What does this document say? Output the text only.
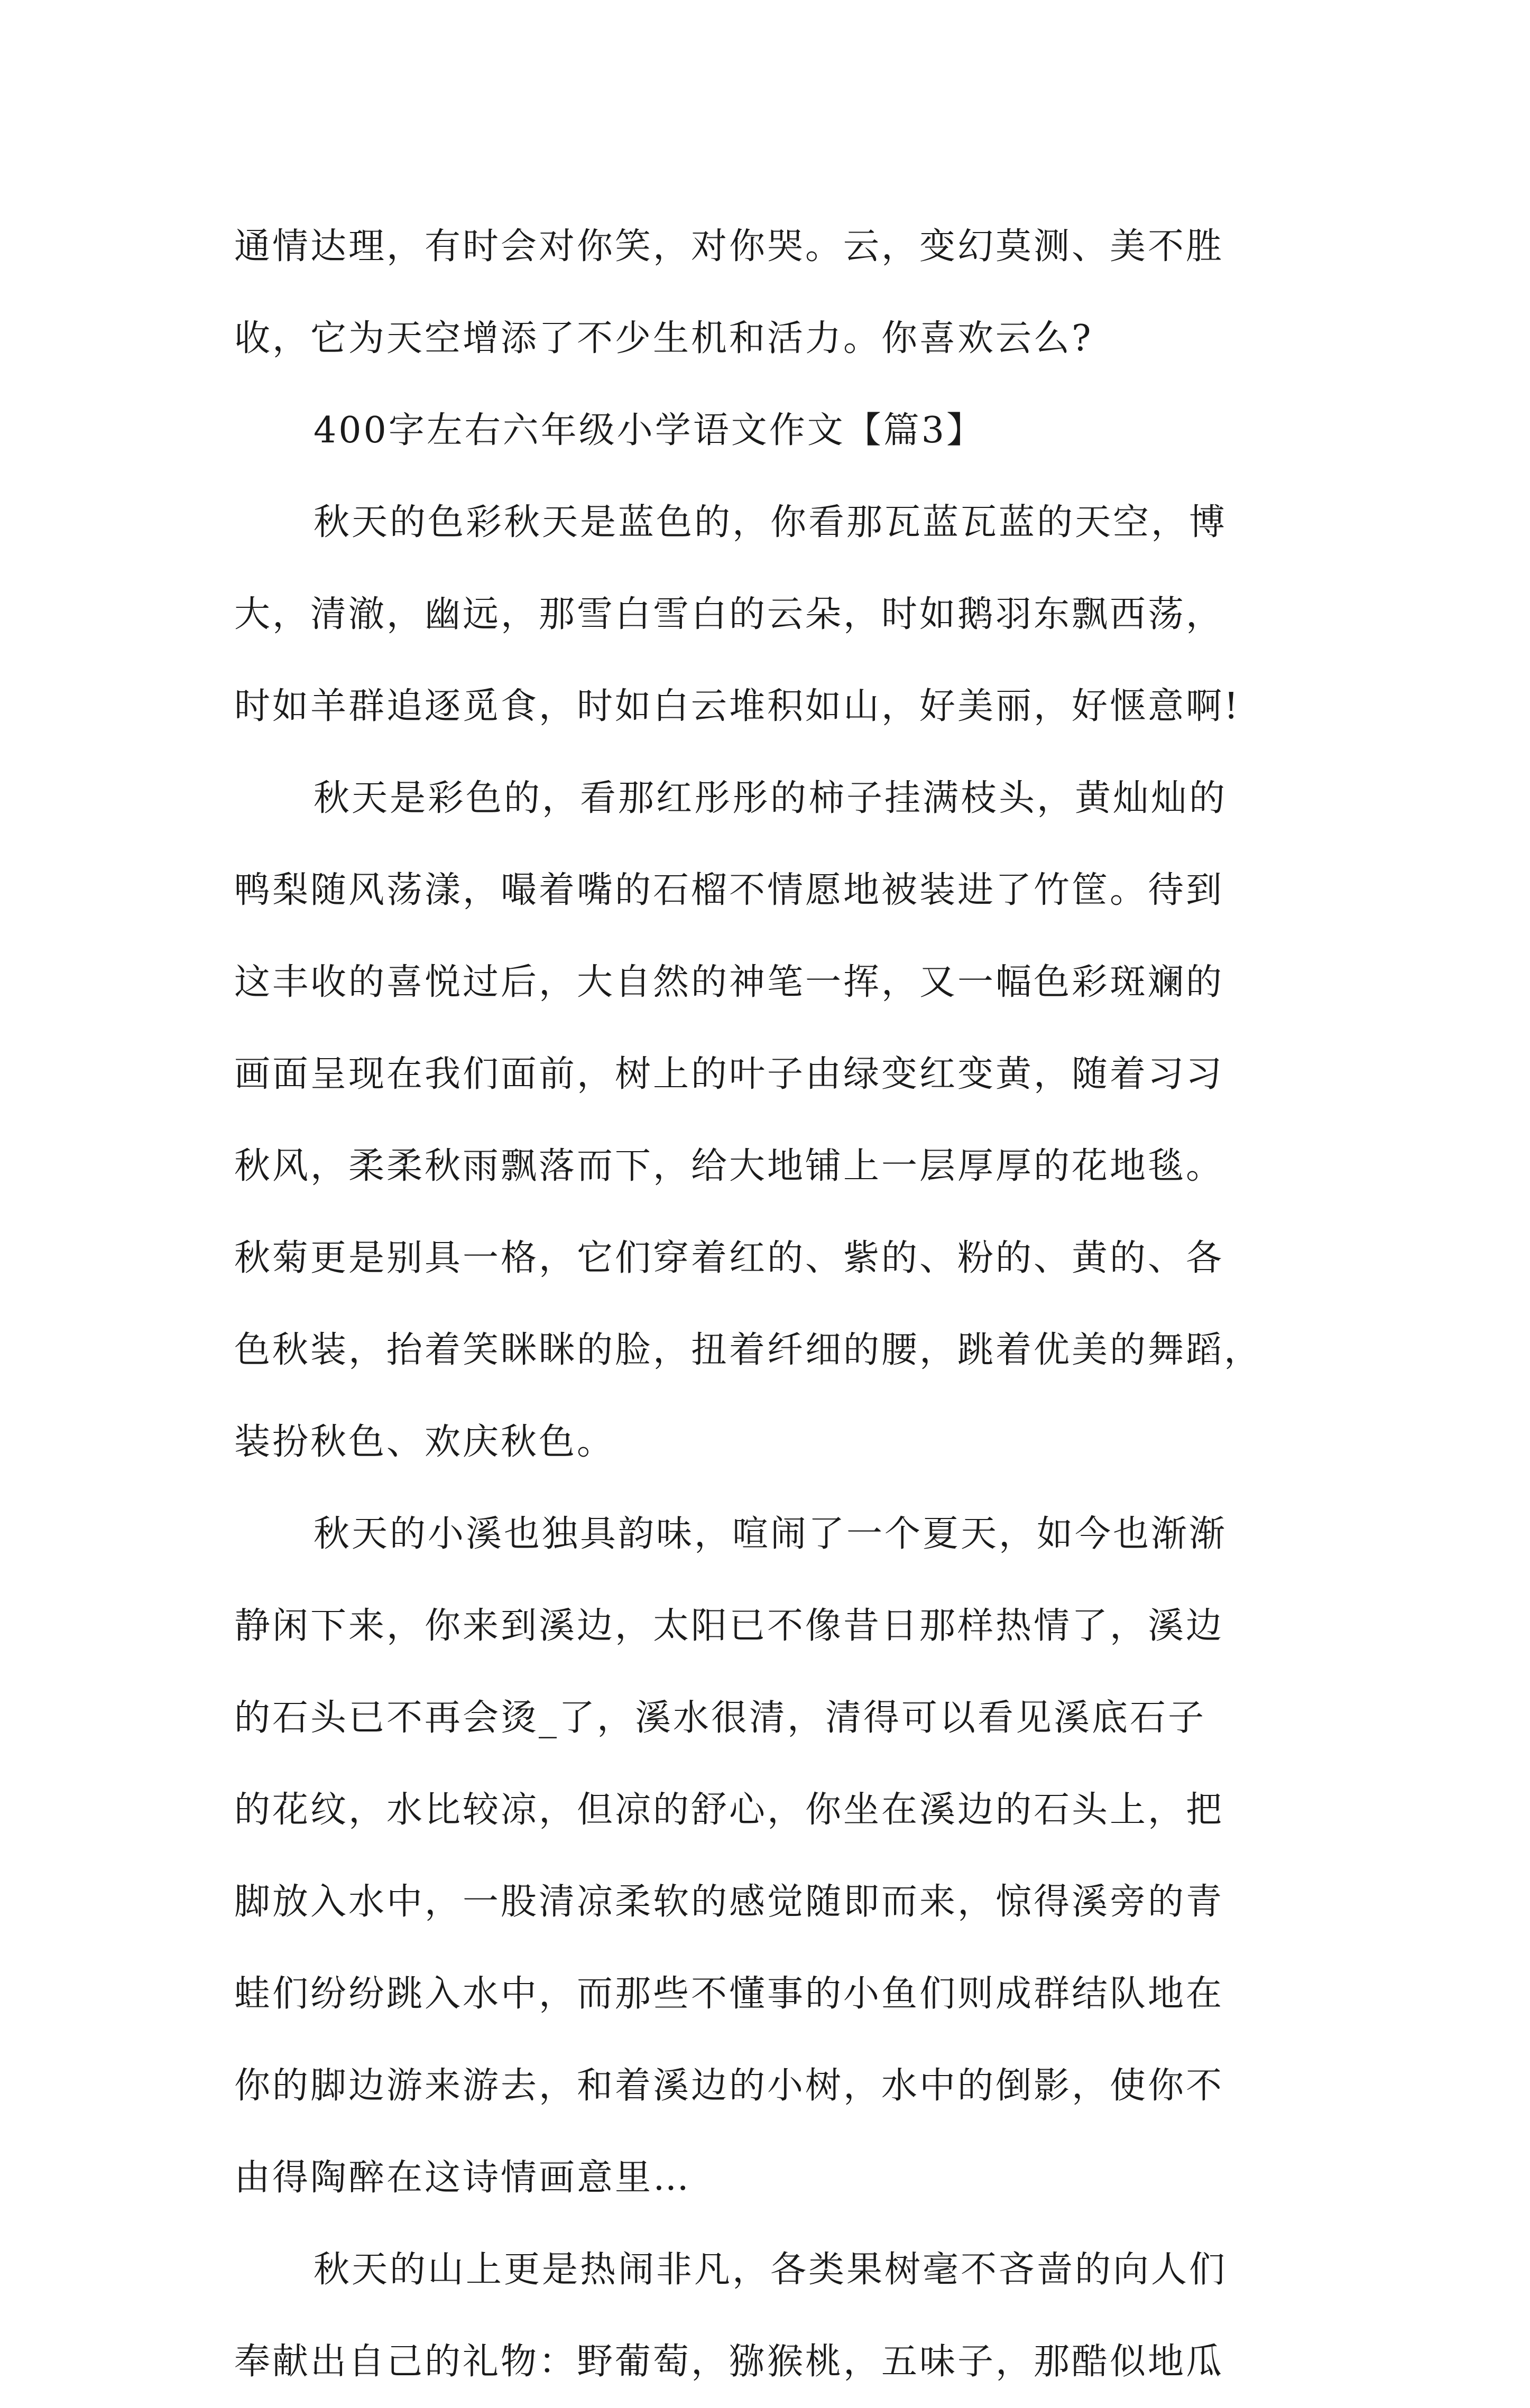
通情达理，有时会对你笑，对你哭。云，变幻莫测、美不胜
收，它为天空增添了不少生机和活力。你喜欢云么?
400字左右六年级小学语文作文【篇3】
秋天的色彩秋天是蓝色的，你看那瓦蓝瓦蓝的天空，博
大，清澈，幽远，那雪白雪白的云朵，时如鹅羽东飘西荡，
时如羊群追逐觅食，时如白云堆积如山，好美丽，好惬意啊!
秋天是彩色的，看那红彤彤的柿子挂满枝头，黄灿灿的
鸭梨随风荡漾，嘬着嘴的石榴不情愿地被装进了竹筐。待到
这丰收的喜悦过后，大自然的神笔一挥，又一幅色彩斑斓的
画面呈现在我们面前，树上的叶子由绿变红变黄，随着习习
秋风，柔柔秋雨飘落而下，给大地铺上一层厚厚的花地毯。
秋菊更是别具一格，它们穿着红的、紫的、粉的、黄的、各
色秋装，抬着笑眯眯的脸，扭着纤细的腰，跳着优美的舞蹈，
装扮秋色、欢庆秋色。
秋天的小溪也独具韵味，喧闹了一个夏天，如今也渐渐
静闲下来，你来到溪边，太阳已不像昔日那样热情了，溪边
的石头已不再会烫_了，溪水很清，清得可以看见溪底石子
的花纹，水比较凉，但凉的舒心，你坐在溪边的石头上，把
脚放入水中，一股清凉柔软的感觉随即而来，惊得溪旁的青
蛙们纷纷跳入水中，而那些不懂事的小鱼们则成群结队地在
你的脚边游来游去，和着溪边的小树，水中的倒影，使你不
由得陶醉在这诗情画意里…
秋天的山上更是热闹非凡，各类果树毫不吝啬的向人们
奉献出自己的礼物：野葡萄，猕猴桃，五味子，那酷似地瓜
